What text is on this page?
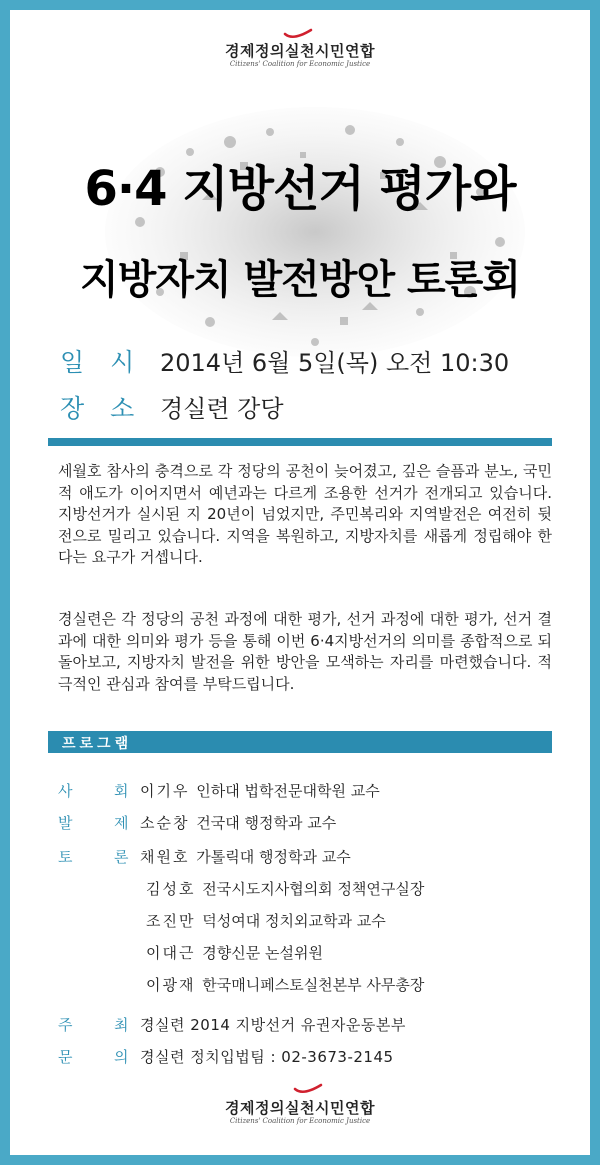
경제정의실천시민연합
Citizens' Coalition for Economic Justice
6·4 지방선거 평가와
지방자치 발전방안 토론회
일시 2014년 6월 5일(목) 오전 10:30
장소 경실련 강당
세월호 참사의 충격으로 각 정당의 공천이 늦어졌고, 깊은 슬픔과 분노, 국민적 애도가 이어지면서 예년과는 다르게 조용한 선거가 전개되고 있습니다. 지방선거가 실시된 지 20년이 넘었지만, 주민복리와 지역발전은 여전히 뒷전으로 밀리고 있습니다. 지역을 복원하고, 지방자치를 새롭게 정립해야 한다는 요구가 거셉니다.
경실련은 각 정당의 공천 과정에 대한 평가, 선거 과정에 대한 평가, 선거 결과에 대한 의미와 평가 등을 통해 이번 6·4지방선거의 의미를 종합적으로 되돌아보고, 지방자치 발전을 위한 방안을 모색하는 자리를 마련했습니다. 적극적인 관심과 참여를 부탁드립니다.
프로그램
사	회 이기우 인하대 법학전문대학원 교수
발	제 소순창 건국대 행정학과 교수
토	론 채원호 가톨릭대 행정학과 교수
김성호 전국시도지사협의회 정책연구실장
조진만 덕성여대 정치외교학과 교수
이대근 경향신문 논설위원
이광재 한국매니페스토실천본부 사무총장
주	최 경실련 2014 지방선거 유권자운동본부
문	의 경실련 정치입법팀 : 02-3673-2145
경제정의실천시민연합
Citizens' Coalition for Economic Justice
